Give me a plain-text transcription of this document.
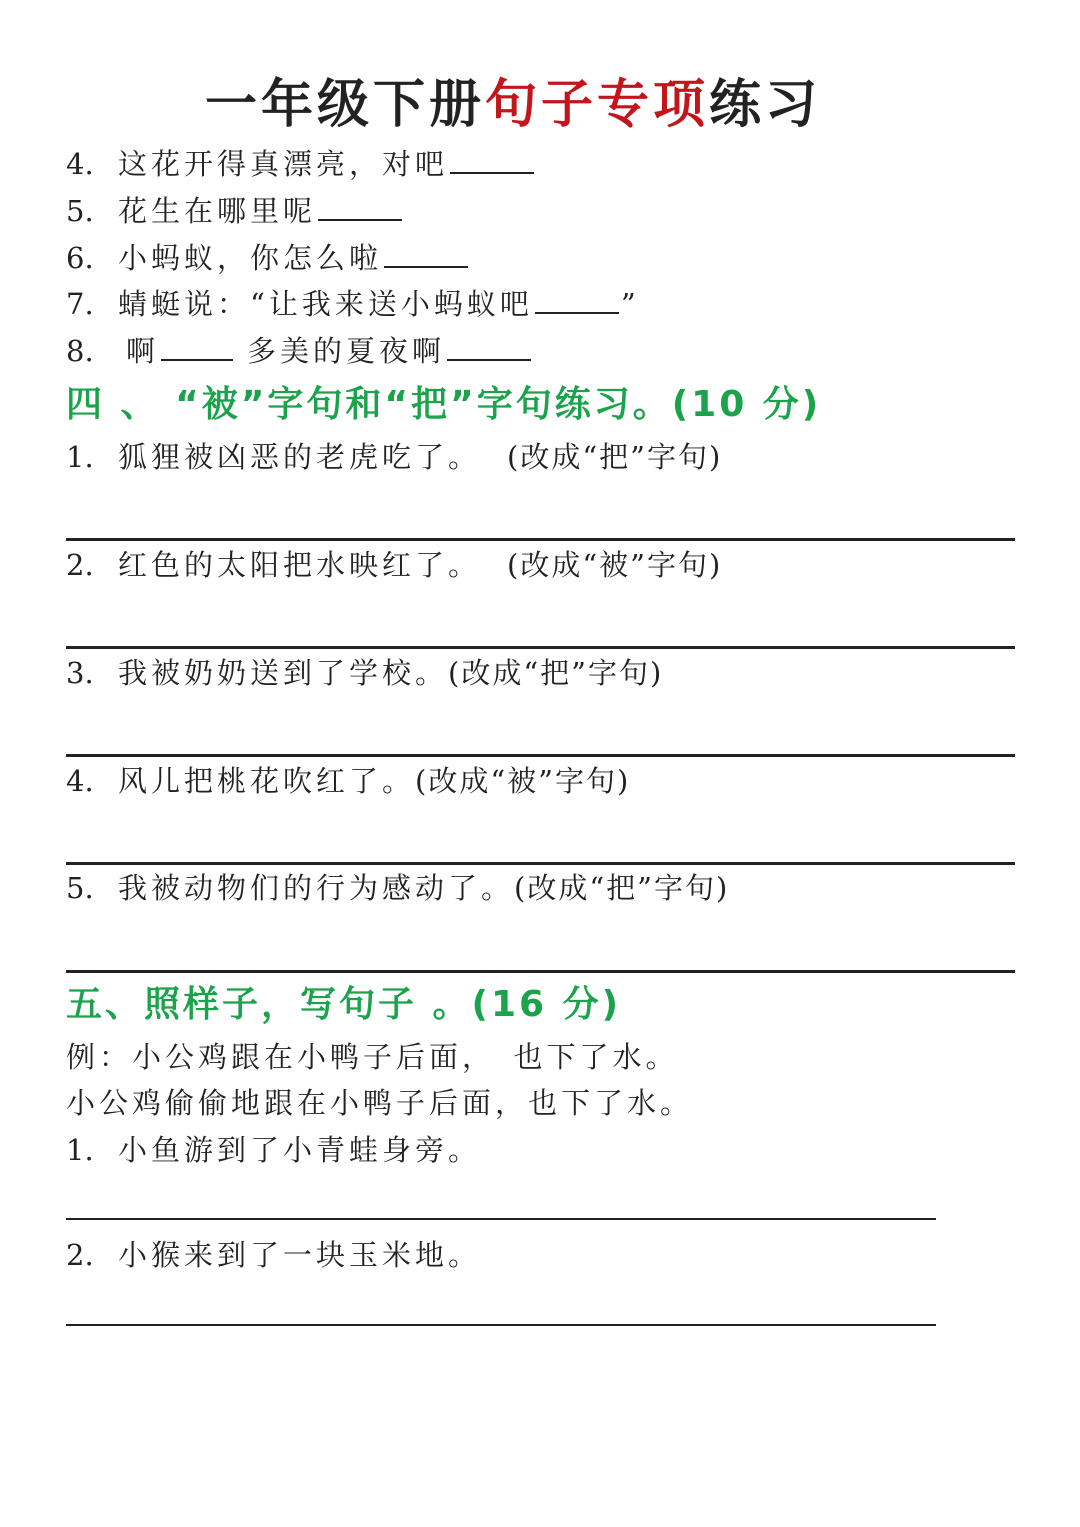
一年级下册句子专项练习
4. 这花开得真漂亮，对吧
5. 花生在哪里呢
6. 小蚂蚁，你怎么啦
7. 蜻蜓说：“让我来送小蚂蚁吧	”
8. 啊	多美的夏夜啊
四 、 “被”字句和“把”字句练习。(10 分)
1. 狐狸被凶恶的老虎吃了。 (改成“把”字句)
2. 红色的太阳把水映红了。 (改成“被”字句)
3. 我被奶奶送到了学校。(改成“把”字句)
4. 风儿把桃花吹红了。(改成“被”字句)
5. 我被动物们的行为感动了。(改成“把”字句)
五、照样子，写句子 。(16 分)
例：小公鸡跟在小鸭子后面，　也下了水。
小公鸡偷偷地跟在小鸭子后面，也下了水。
1. 小鱼游到了小青蛙身旁。
2. 小猴来到了一块玉米地。
